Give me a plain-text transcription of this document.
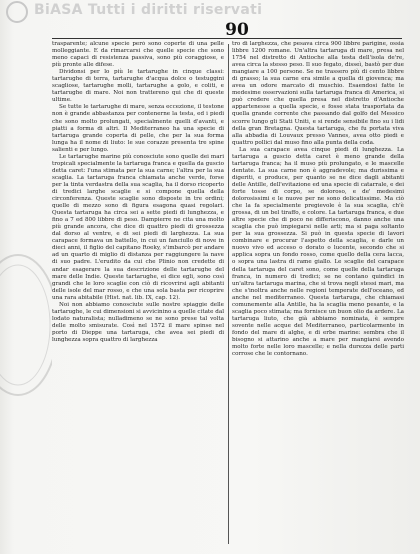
BiASA Tutti i diritti riservati
90

trasparente; alcune specie però sono coperte di una pelle molleggiante. E da rimarcarsi che quelle specie che sono meno capaci di resistenza passiva, sono più coraggiose, e più pronte alle difese.

Dividonsi per lo più le tartarughe in cinque classi: tartarughe di terra, tartarughe d'acqua dolce o testuggini scagliose, tartarughe molli, tartarughe a golo, e coliti, e tartarughe di mare. Noi non trattereno qui che di queste ultime.

Se tutte le tartarughe di mare, senza eccezione, il testone non è grande abbastanza per contenerne la testa, ed i piedi che sono molto prolungati, specialmente quelli d'avanti, e piatti a forma di altri. Il Mediterraneo ha una specie di tartaruga grande coperta di pelle, che per la sua forma lunga ha il nome di liuto: le sue corazze presenta tre spine salienti e per lungo.

Le tartarughe marine più conosciute sono quelle dei mari tropicali specialmente la tartaruga franca e quella da guscio detta caret: l'una stimata per la sua carne; l'altra per la sua scaglia. La tartaruga franca chiamata anche verde, forse per la tinta verdastra della sua scaglia, ha il dorso ricoperto di tredici larghe scaglie e si compone quella della circonferenza. Queste scaglie sono disposte in tre ordini; quelle di mezzo sono di figura esagona quasi regolari. Questa tartaruga ha circa sei a sette piedi di lunghezza, e fino a 7 ed 800 libbre di peso. Dampierre ne cita una molto più grande ancora, che dice di quattro piedi di grossezza dal dorso al ventre, e di sei piedi di larghezza. La sua carapace formava un battello, in cui un fanciullo di nove in dieci anni, il figlio del capitano Roeky, s'imbarcò per andare ad un quarto di miglio di distanza per raggiungere la nave di suo padre. L'erudito da cui che Plinio non credette di andar esagerare la sua descrizione delle tartarughe del mare delle Indie. Queste tartarughe, ei dice egli, sono così grandi che le loro scaglie con ciò di ricovrirsi agli abitanti delle isole del mar rosso, e che una sola basta per ricoprire una rara abitabile (Hist. nat. lib. IX, cap. 12).

Noi non abbiamo conosciute sulle nostre spiaggie delle tartarughe, le cui dimensioni si avvicinino a quelle citate dal lodato naturalista; nulladimeno se ne sono prese tal volta delle molto smisurate. Così nel 1572 il mare spinse nel porto di Dieppe una tartaruga, che avea sei piedi di lunghezza sopra quattro di larghezza

tro di larghezza, che pesava circa 900 libbre parigine, ossia libbre 1200 romane. Un'altra tartaruga di mare, presa nel 1754 nel distretto di Antioche alla testa dell'isola de're, avea circa la stesso peso. Il suo fegato, disseì, bastò per due mangiare a 100 persone. Se ne trassero più di cento libbre di grasso; la sua carne era simile a quella di giovenca; ma avea un odore marcato di muschio. Esaendosi fatte le medesime osservazioni sulla tartaruga franca di America, si può credere che quella presa nel distretto d'Antioche appartenesse a quella specie, e fosse stata trasportata da quella grande corrente che passando dal golfo del Messico scorre lungo gli Stati Uniti, e si rende sensibile fino su i lidi della gran Bretagna. Questa tartaruga, che fu portata viva alla abbadia di Louvaux presso Vannes, avea otto piedi e quattro pollici dal muso fino alla punta della coda.

La sua carapace avea cinque piedi di lunghezza. La tartaruga a guscio detta caret è meno grande della tartaruga franca; ha il muso più prolungato, e le mascelle dentate. La sua carne non è aggradevole; ma durissima e digeriti, e produce, per quanto se ne dice dagli abitanti delle Antille, dell'evitazione ed una specie di catarrale, e dei forte tosse di corpo, se doloroso, e de' medesimi dolorosissimi e le nuove per ne sono delicatissime. Ma ciò che la fa specialmente pregievole è la sua scaglia, ch'è grossa, di un bel tiraffo, e colore. La tartaruga franca, e due altre specie che di poco ne differiscono, danno anche una scaglia che può impiegarsi nelle arti; ma si paga soltanto per la sua grossezza. Si può in questa specie di lavori combinare e procurar l'aspetto della scaglia, e darle un nuovo vivo ed acceso o dorato o lucente, secondo che si applica sopra un fondo rosso, come quello della cera lacca, o sopra una lastra di rame giallo. Le scaglie del carapace della tartaruga del caret sono, come quelle della tartaruga franca, in numero di tredici; se ne contano quindici in un'altra tartaruga marina, che si trova negli stessi mari, ma che s'inoltra anche nelle regioni temperate dell'oceano, ed anche nel mediterraneo. Questa tartaruga, che chiamasi comunemente alla Antille, ha la scaglia meno pesante, e la scaglia poco stimata; ma fornisce un buon olio da ardere. La tartaruga liuto, che già abbiamo nominata, è sempre sovente nelle acque del Mediterraneo, particolarmente in fondo del mare di alghe, e di erbe marine: sembra che il bisogno si attarino anche a mare per mangiarsi avendo molto forte nelle loro mascelle; e nella durezza delle parti corrose che le contornano.
